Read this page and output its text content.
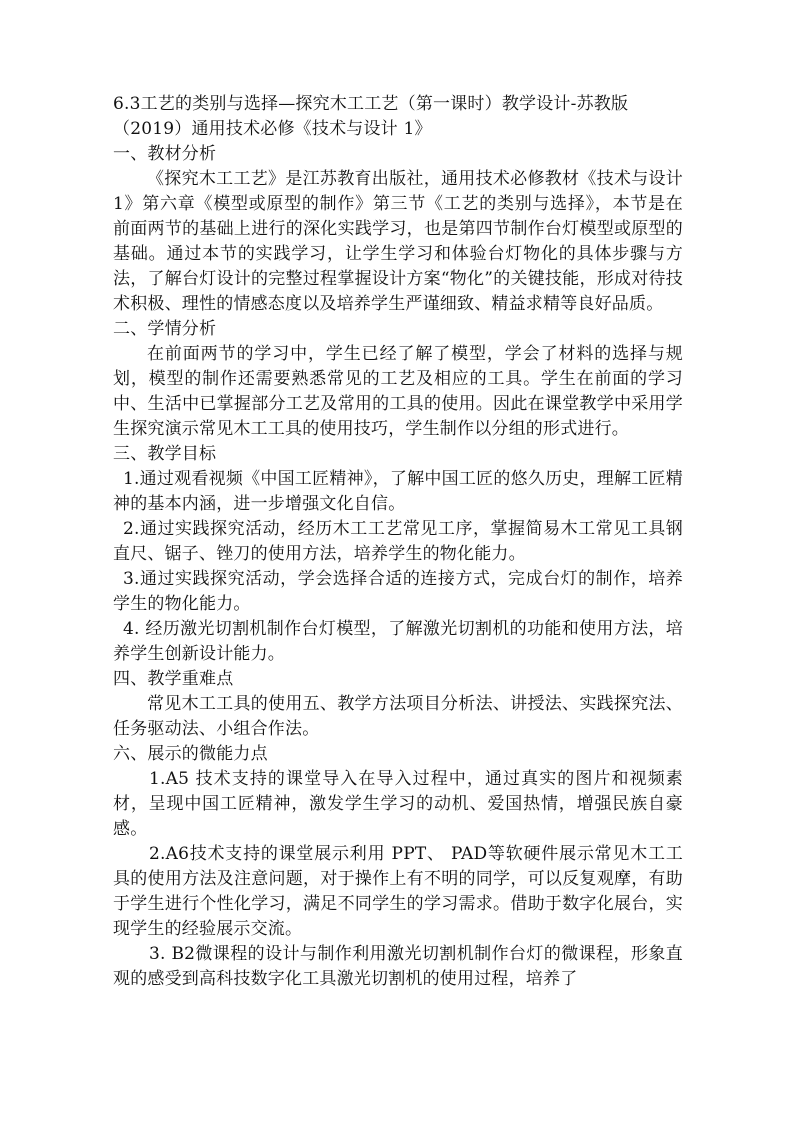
6.3工艺的类别与选择—探究木工工艺（第一课时）教学设计-苏教版（2019）通用技术必修《技术与设计 1》

一、教材分析

《探究木工工艺》是江苏教育出版社，通用技术必修教材《技术与设计 1》第六章《模型或原型的制作》第三节《工艺的类别与选择》，本节是在前面两节的基础上进行的深化实践学习，也是第四节制作台灯模型或原型的基础。通过本节的实践学习，让学生学习和体验台灯物化的具体步骤与方法，了解台灯设计的完整过程掌握设计方案“物化”的关键技能，形成对待技术积极、理性的情感态度以及培养学生严谨细致、精益求精等良好品质。

二、学情分析

在前面两节的学习中，学生已经了解了模型，学会了材料的选择与规划，模型的制作还需要熟悉常见的工艺及相应的工具。学生在前面的学习中、生活中已掌握部分工艺及常用的工具的使用。因此在课堂教学中采用学生探究演示常见木工工具的使用技巧，学生制作以分组的形式进行。

三、教学目标

1.通过观看视频《中国工匠精神》，了解中国工匠的悠久历史，理解工匠精神的基本内涵，进一步增强文化自信。

2.通过实践探究活动，经历木工工艺常见工序，掌握简易木工常见工具钢直尺、锯子、锉刀的使用方法，培养学生的物化能力。

3.通过实践探究活动，学会选择合适的连接方式，完成台灯的制作，培养学生的物化能力。

4. 经历激光切割机制作台灯模型，了解激光切割机的功能和使用方法，培养学生创新设计能力。

四、教学重难点

常见木工工具的使用五、教学方法项目分析法、讲授法、实践探究法、任务驱动法、小组合作法。

六、展示的微能力点

1.A5 技术支持的课堂导入在导入过程中，通过真实的图片和视频素材，呈现中国工匠精神，激发学生学习的动机、爱国热情，增强民族自豪感。

2.A6技术支持的课堂展示利用 PPT、 PAD等软硬件展示常见木工工具的使用方法及注意问题，对于操作上有不明的同学，可以反复观摩，有助于学生进行个性化学习，满足不同学生的学习需求。借助于数字化展台，实现学生的经验展示交流。

3. B2微课程的设计与制作利用激光切割机制作台灯的微课程，形象直观的感受到高科技数字化工具激光切割机的使用过程，培养了
